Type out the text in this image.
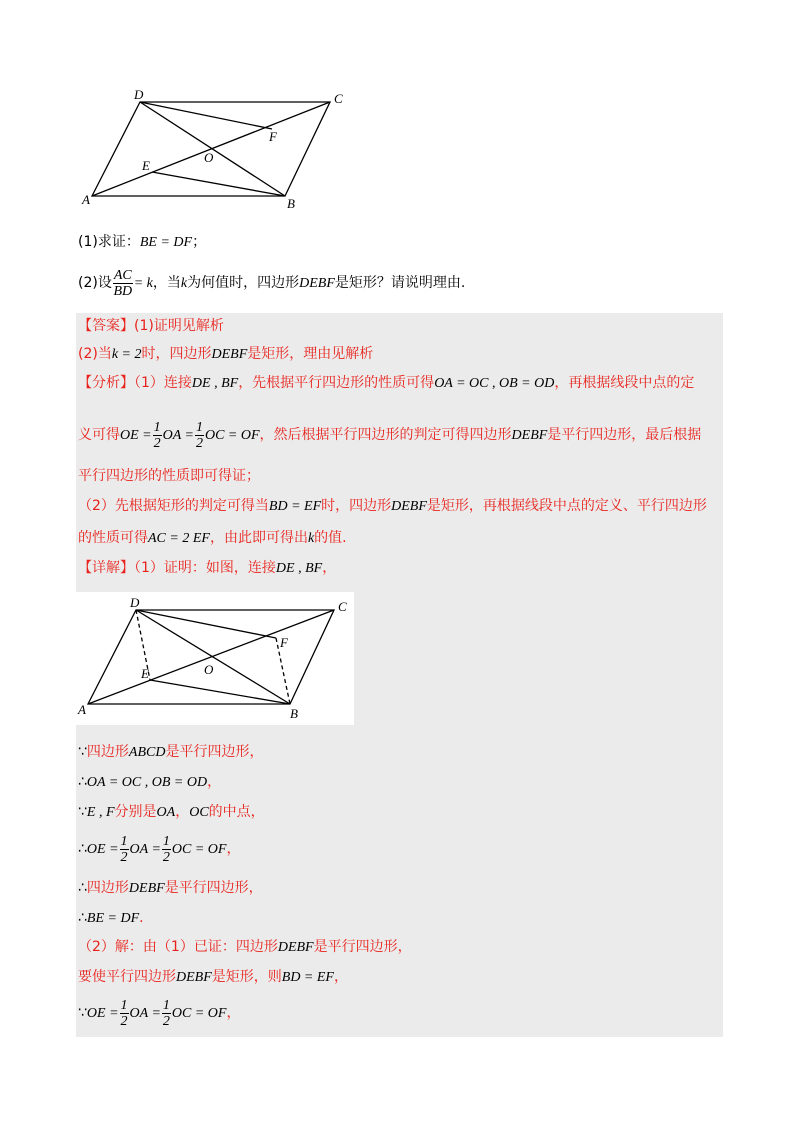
A	B
C
D
E
F
O
(1)求证：BE = DF；
(2)设 $\frac{AC}{BD} = k$，当k为何值时，四边形DEBF是矩形？请说明理由.
【答案】(1)证明见解析
(2)当k = 2时，四边形DEBF是矩形，理由见解析
【分析】（1）连接DE , BF，先根据平行四边形的性质可得OA = OC , OB = OD，再根据线段中点的定
义可得OE = $\frac{1}{2}$ OA = $\frac{1}{2}$ OC = OF，然后根据平行四边形的判定可得四边形DEBF是平行四边形，最后根据
平行四边形的性质即可得证；
（2）先根据矩形的判定可得当BD = EF时，四边形DEBF是矩形，再根据线段中点的定义、平行四边形
的性质可得AC = 2 EF，由此即可得出k的值.
【详解】（1）证明：如图，连接DE , BF，
A	B
C
D
E
F
O
∵四边形ABCD是平行四边形，
∴OA = OC , OB = OD，
∵E , F分别是OA，OC的中点，
∴OE = $\frac{1}{2}$ OA = $\frac{1}{2}$ OC = OF，
∴四边形DEBF是平行四边形，
∴BE = DF.
（2）解：由（1）已证：四边形DEBF是平行四边形，
要使平行四边形DEBF是矩形，则BD = EF，
∵OE = $\frac{1}{2}$ OA = $\frac{1}{2}$ OC = OF，
